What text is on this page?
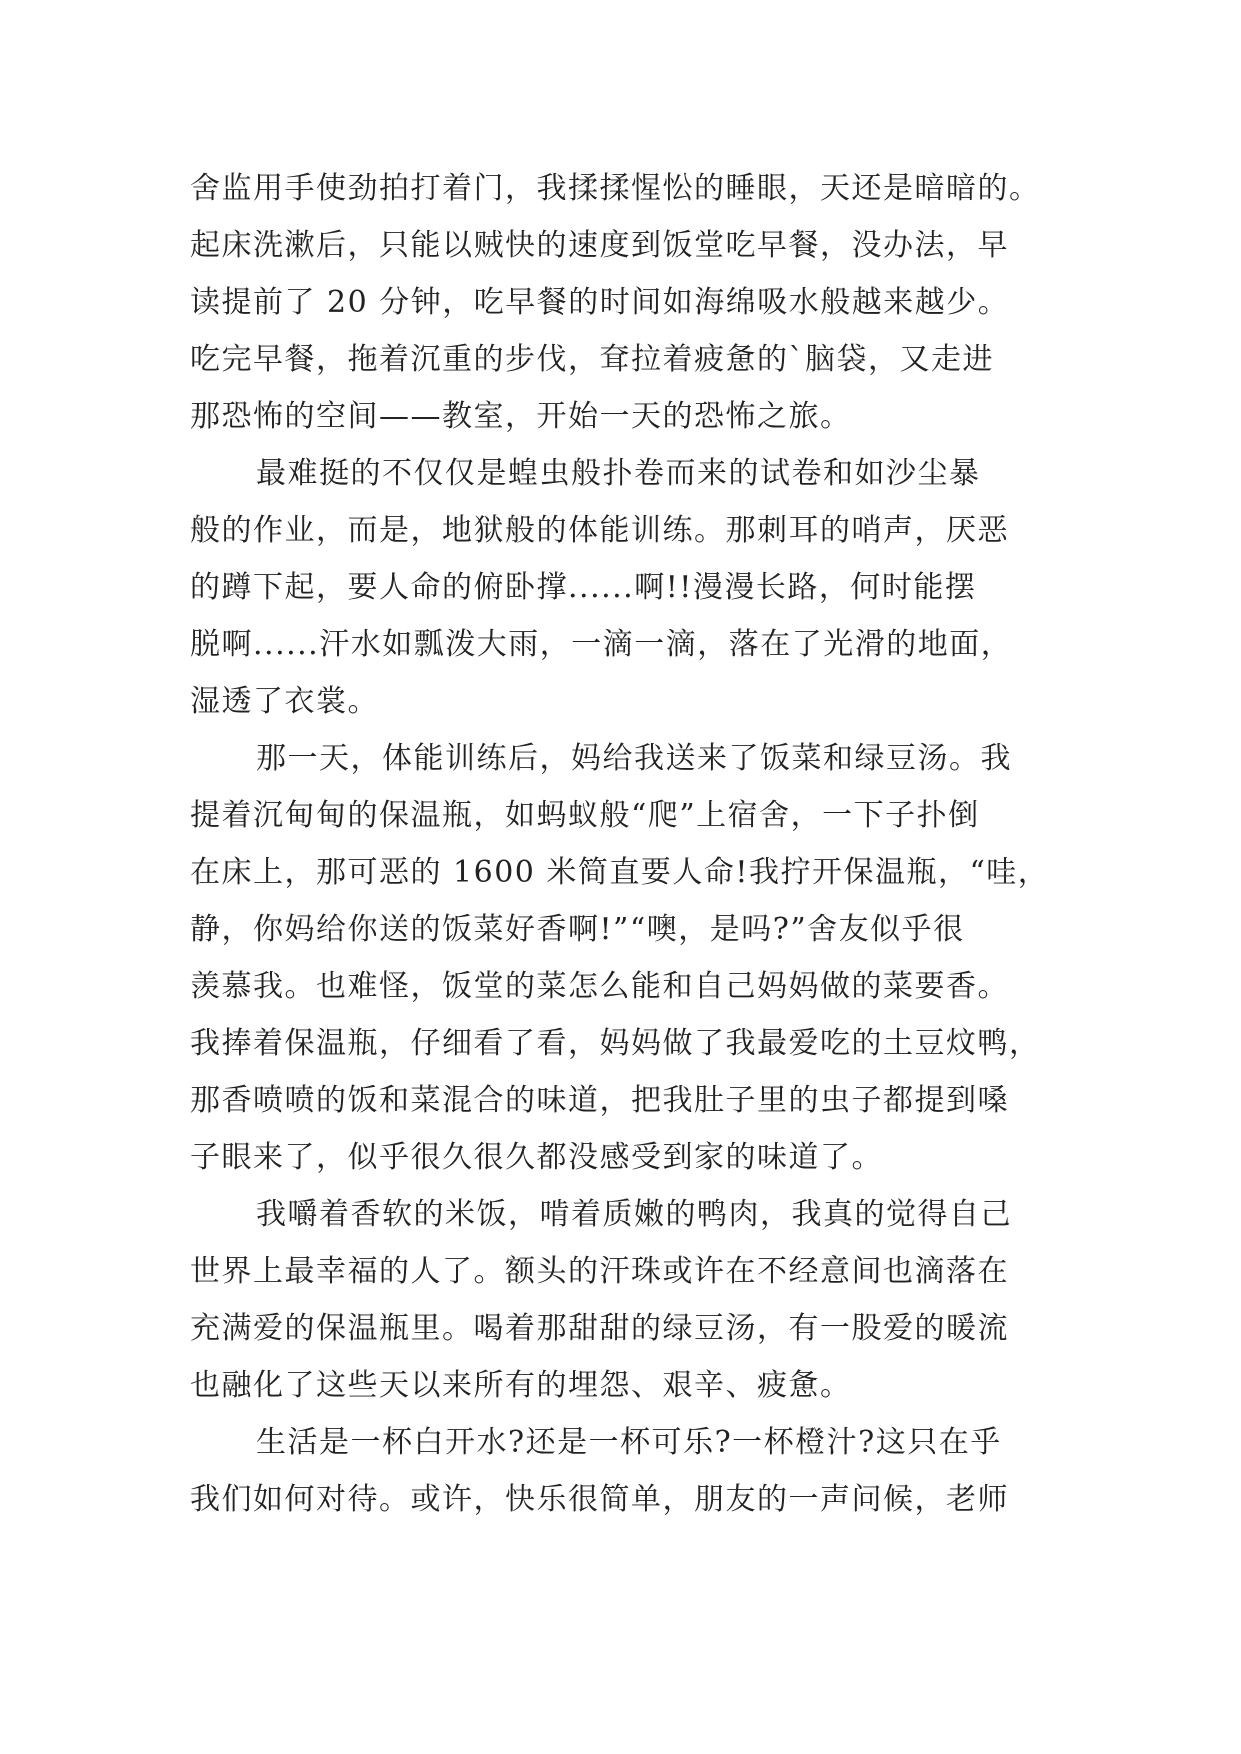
舍监用手使劲拍打着门，我揉揉惺忪的睡眼，天还是暗暗的。
起床洗漱后，只能以贼快的速度到饭堂吃早餐，没办法，早
读提前了 20 分钟，吃早餐的时间如海绵吸水般越来越少。
吃完早餐，拖着沉重的步伐，耷拉着疲惫的`脑袋，又走进
那恐怖的空间——教室，开始一天的恐怖之旅。
最难挺的不仅仅是蝗虫般扑卷而来的试卷和如沙尘暴
般的作业，而是，地狱般的体能训练。那刺耳的哨声，厌恶
的蹲下起，要人命的俯卧撑......啊!!漫漫长路，何时能摆
脱啊......汗水如瓢泼大雨，一滴一滴，落在了光滑的地面，
湿透了衣裳。
那一天，体能训练后，妈给我送来了饭菜和绿豆汤。我
提着沉甸甸的保温瓶，如蚂蚁般“爬”上宿舍，一下子扑倒
在床上，那可恶的 1600 米简直要人命!我拧开保温瓶，“哇，
静，你妈给你送的饭菜好香啊!”“噢，是吗?”舍友似乎很
羡慕我。也难怪，饭堂的菜怎么能和自己妈妈做的菜要香。
我捧着保温瓶，仔细看了看，妈妈做了我最爱吃的土豆炆鸭，
那香喷喷的饭和菜混合的味道，把我肚子里的虫子都提到嗓
子眼来了，似乎很久很久都没感受到家的味道了。
我嚼着香软的米饭，啃着质嫩的鸭肉，我真的觉得自己
世界上最幸福的人了。额头的汗珠或许在不经意间也滴落在
充满爱的保温瓶里。喝着那甜甜的绿豆汤，有一股爱的暖流
也融化了这些天以来所有的埋怨、艰辛、疲惫。
生活是一杯白开水?还是一杯可乐?一杯橙汁?这只在乎
我们如何对待。或许，快乐很简单，朋友的一声问候，老师
